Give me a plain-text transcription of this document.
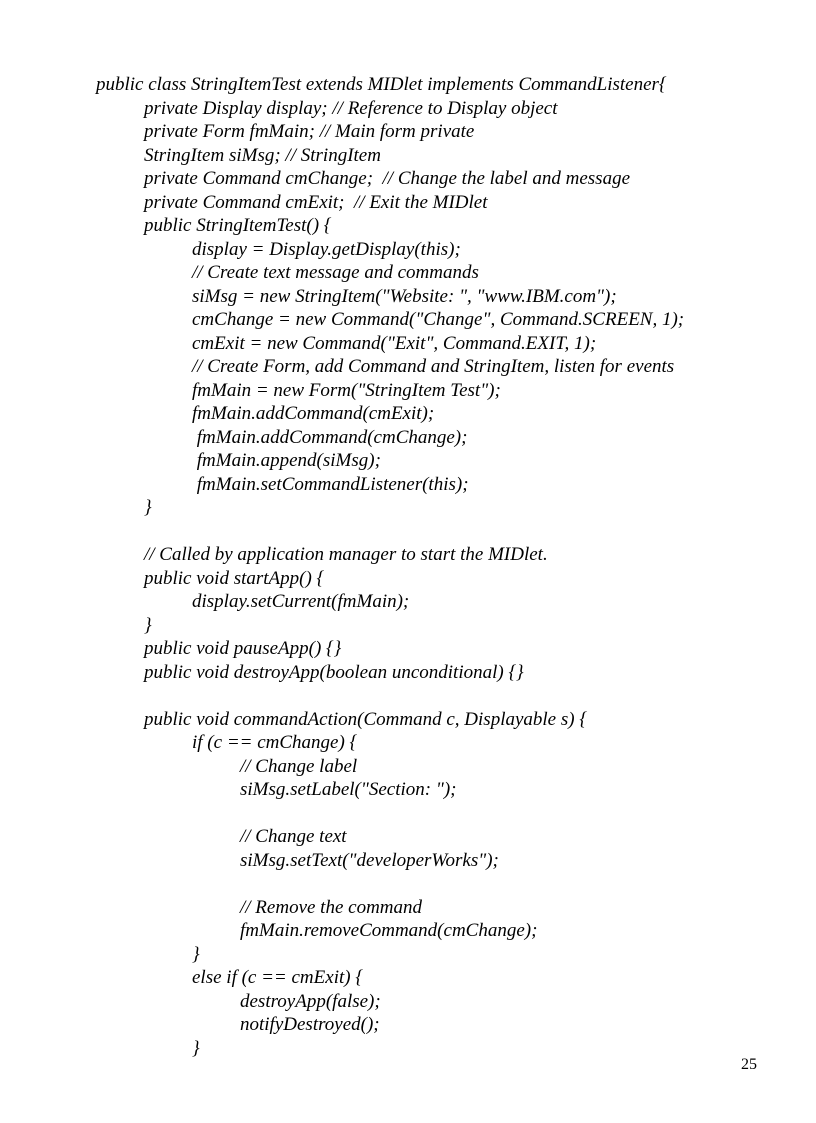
public class StringItemTest extends MIDlet implements CommandListener{
private Display display; // Reference to Display object
private Form fmMain; // Main form private
StringItem siMsg; // StringItem
private Command cmChange;  // Change the label and message
private Command cmExit;  // Exit the MIDlet
public StringItemTest() {
display = Display.getDisplay(this);
// Create text message and commands
siMsg = new StringItem("Website: ", "www.IBM.com");
cmChange = new Command("Change", Command.SCREEN, 1);
cmExit = new Command("Exit", Command.EXIT, 1);
// Create Form, add Command and StringItem, listen for events
fmMain = new Form("StringItem Test");
fmMain.addCommand(cmExit);
fmMain.addCommand(cmChange);
fmMain.append(siMsg);
fmMain.setCommandListener(this);
}
// Called by application manager to start the MIDlet.
public void startApp() {
display.setCurrent(fmMain);
}
public void pauseApp() {}
public void destroyApp(boolean unconditional) {}
public void commandAction(Command c, Displayable s) {
if (c == cmChange) {
// Change label
siMsg.setLabel("Section: ");
// Change text
siMsg.setText("developerWorks");
// Remove the command
fmMain.removeCommand(cmChange);
}
else if (c == cmExit) {
destroyApp(false);
notifyDestroyed();
}
25
